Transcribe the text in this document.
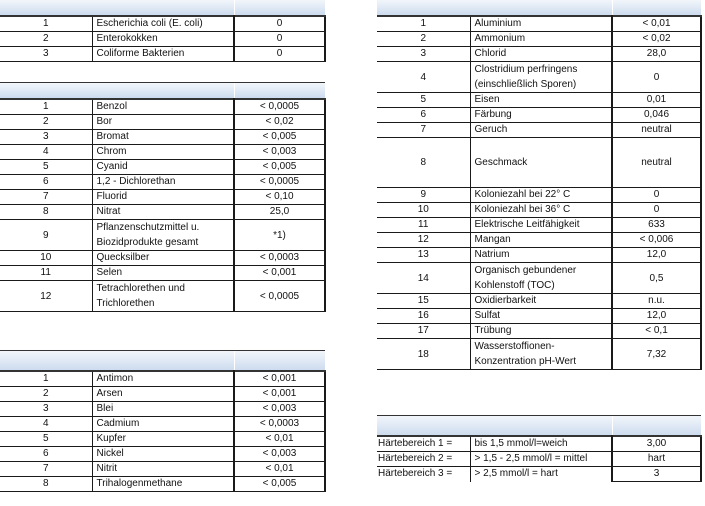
1	Escherichia coli (E. coli)	0
2	Enterokokken	0
3	Coliforme Bakterien	0

1	Benzol	< 0,0005
2	Bor	< 0,02
3	Bromat	< 0,005
4	Chrom	< 0,003
5	Cyanid	< 0,005
6	1,2 - Dichlorethan	< 0,0005
7	Fluorid	< 0,10
8	Nitrat	25,0
9	Pflanzenschutzmittel u. Biozidprodukte gesamt	*1)
10	Quecksilber	< 0,0003
11	Selen	< 0,001
12	Tetrachlorethen und Trichlorethen	< 0,0005

1	Antimon	< 0,001
2	Arsen	< 0,001
3	Blei	< 0,003
4	Cadmium	< 0,0003
5	Kupfer	< 0,01
6	Nickel	< 0,003
7	Nitrit	< 0,01
8	Trihalogenmethane	< 0,005

1	Aluminium	< 0,01
2	Ammonium	< 0,02
3	Chlorid	28,0
4	Clostridium perfringens (einschließlich Sporen)	0
5	Eisen	0,01
6	Färbung	0,046
7	Geruch	neutral
8	Geschmack	neutral
9	Koloniezahl bei 22° C	0
10	Koloniezahl bei 36° C	0
11	Elektrische Leitfähigkeit	633
12	Mangan	< 0,006
13	Natrium	12,0
14	Organisch gebundener Kohlenstoff (TOC)	0,5
15	Oxidierbarkeit	n.u.
16	Sulfat	12,0
17	Trübung	< 0,1
18	Wasserstoffionen-Konzentration pH-Wert	7,32

Härtebereich 1 =	bis 1,5 mmol/l=weich	3,00
Härtebereich 2 =	> 1,5 - 2,5 mmol/l = mittel	hart
Härtebereich 3 =	> 2,5 mmol/l = hart	3
